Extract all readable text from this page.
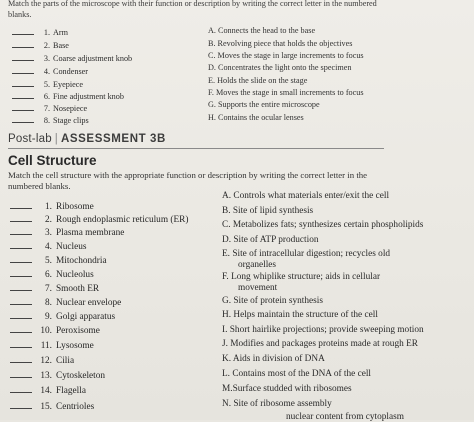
Match the parts of the microscope with their function or description by writing the correct letter in the numbered blanks.
1. Arm
2. Base
3. Coarse adjustment knob
4. Condenser
5. Eyepiece
6. Fine adjustment knob
7. Nosepiece
8. Stage clips
A. Connects the head to the base
B. Revolving piece that holds the objectives
C. Moves the stage in large increments to focus
D. Concentrates the light onto the specimen
E. Holds the slide on the stage
F. Moves the stage in small increments to focus
G. Supports the entire microscope
H. Contains the ocular lenses
Post-lab | ASSESSMENT 3B
Cell Structure
Match the cell structure with the appropriate function or description by writing the correct letter in the numbered blanks.
1. Ribosome
2. Rough endoplasmic reticulum (ER)
3. Plasma membrane
4. Nucleus
5. Mitochondria
6. Nucleolus
7. Smooth ER
8. Nuclear envelope
9. Golgi apparatus
10. Peroxisome
11. Lysosome
12. Cilia
13. Cytoskeleton
14. Flagella
15. Centrioles
A. Controls what materials enter/exit the cell
B. Site of lipid synthesis
C. Metabolizes fats; synthesizes certain phospholipids
D. Site of ATP production
E. Site of intracellular digestion; recycles old
organelles
F. Long whiplike structure; aids in cellular
movement
G. Site of protein synthesis
H. Helps maintain the structure of the cell
I. Short hairlike projections; provide sweeping motion
J. Modifies and packages proteins made at rough ER
K. Aids in division of DNA
L. Contains most of the DNA of the cell
M.Surface studded with ribosomes
N. Site of ribosome assembly
nuclear content from cytoplasm
